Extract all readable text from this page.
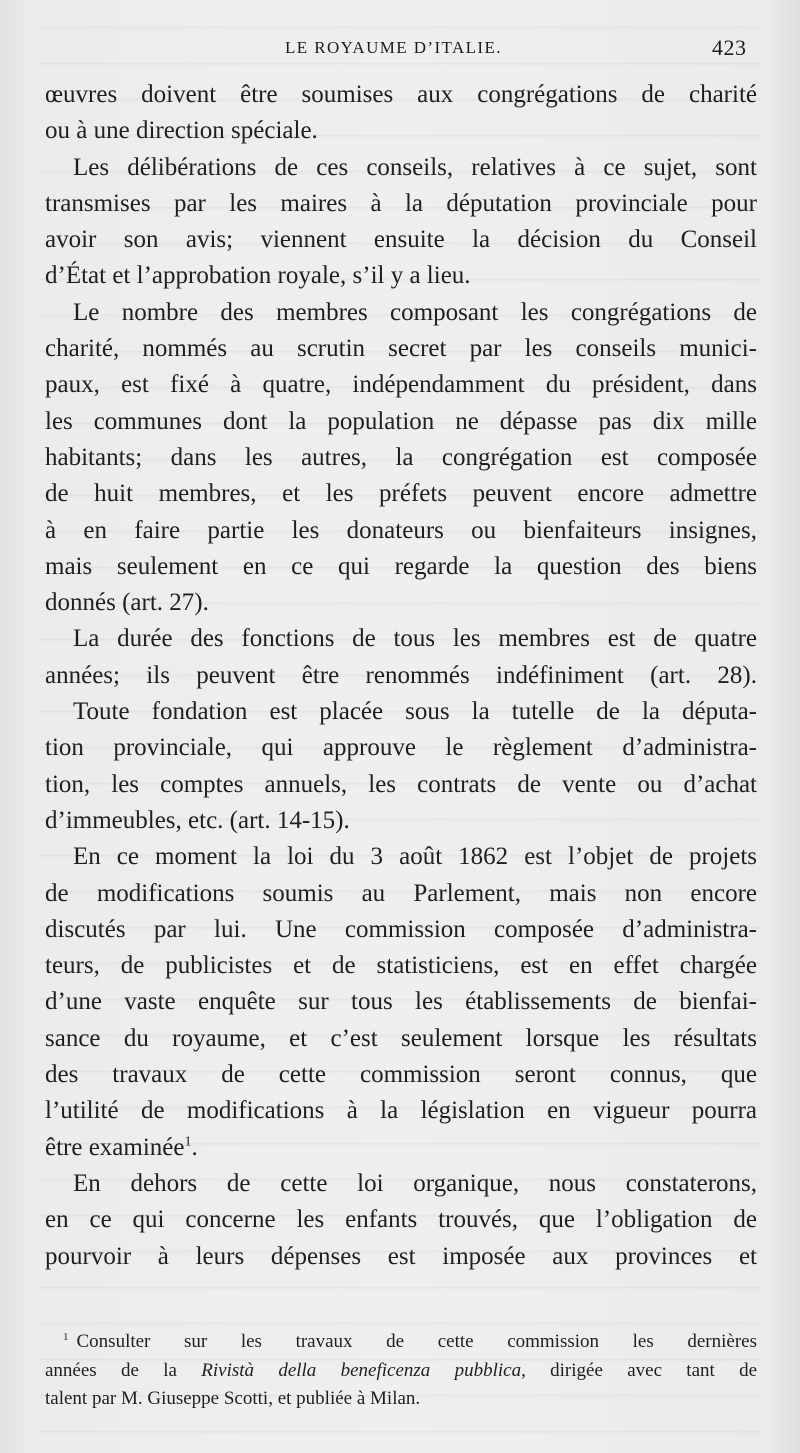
LE ROYAUME D’ITALIE.	423
œuvres doivent être soumises aux congrégations de charité
ou à une direction spéciale.
Les délibérations de ces conseils, relatives à ce sujet, sont
transmises par les maires à la députation provinciale pour
avoir son avis; viennent ensuite la décision du Conseil
d’État et l’approbation royale, s’il y a lieu.
Le nombre des membres composant les congrégations de
charité, nommés au scrutin secret par les conseils munici-
paux, est fixé à quatre, indépendamment du président, dans
les communes dont la population ne dépasse pas dix mille
habitants; dans les autres, la congrégation est composée
de huit membres, et les préfets peuvent encore admettre
à en faire partie les donateurs ou bienfaiteurs insignes,
mais seulement en ce qui regarde la question des biens
donnés (art. 27).
La durée des fonctions de tous les membres est de quatre
années; ils peuvent être renommés indéfiniment (art. 28).
Toute fondation est placée sous la tutelle de la députa-
tion provinciale, qui approuve le règlement d’administra-
tion, les comptes annuels, les contrats de vente ou d’achat
d’immeubles, etc. (art. 14-15).
En ce moment la loi du 3 août 1862 est l’objet de projets
de modifications soumis au Parlement, mais non encore
discutés par lui. Une commission composée d’administra-
teurs, de publicistes et de statisticiens, est en effet chargée
d’une vaste enquête sur tous les établissements de bienfai-
sance du royaume, et c’est seulement lorsque les résultats
des travaux de cette commission seront connus, que
l’utilité de modifications à la législation en vigueur pourra
être examinée$^1$.
En dehors de cette loi organique, nous constaterons,
en ce qui concerne les enfants trouvés, que l’obligation de
pourvoir à leurs dépenses est imposée aux provinces et
$^1$ Consulter sur les travaux de cette commission les dernières
années de la Rivistà della beneficenza pubblica, dirigée avec tant de
talent par M. Giuseppe Scotti, et publiée à Milan.
